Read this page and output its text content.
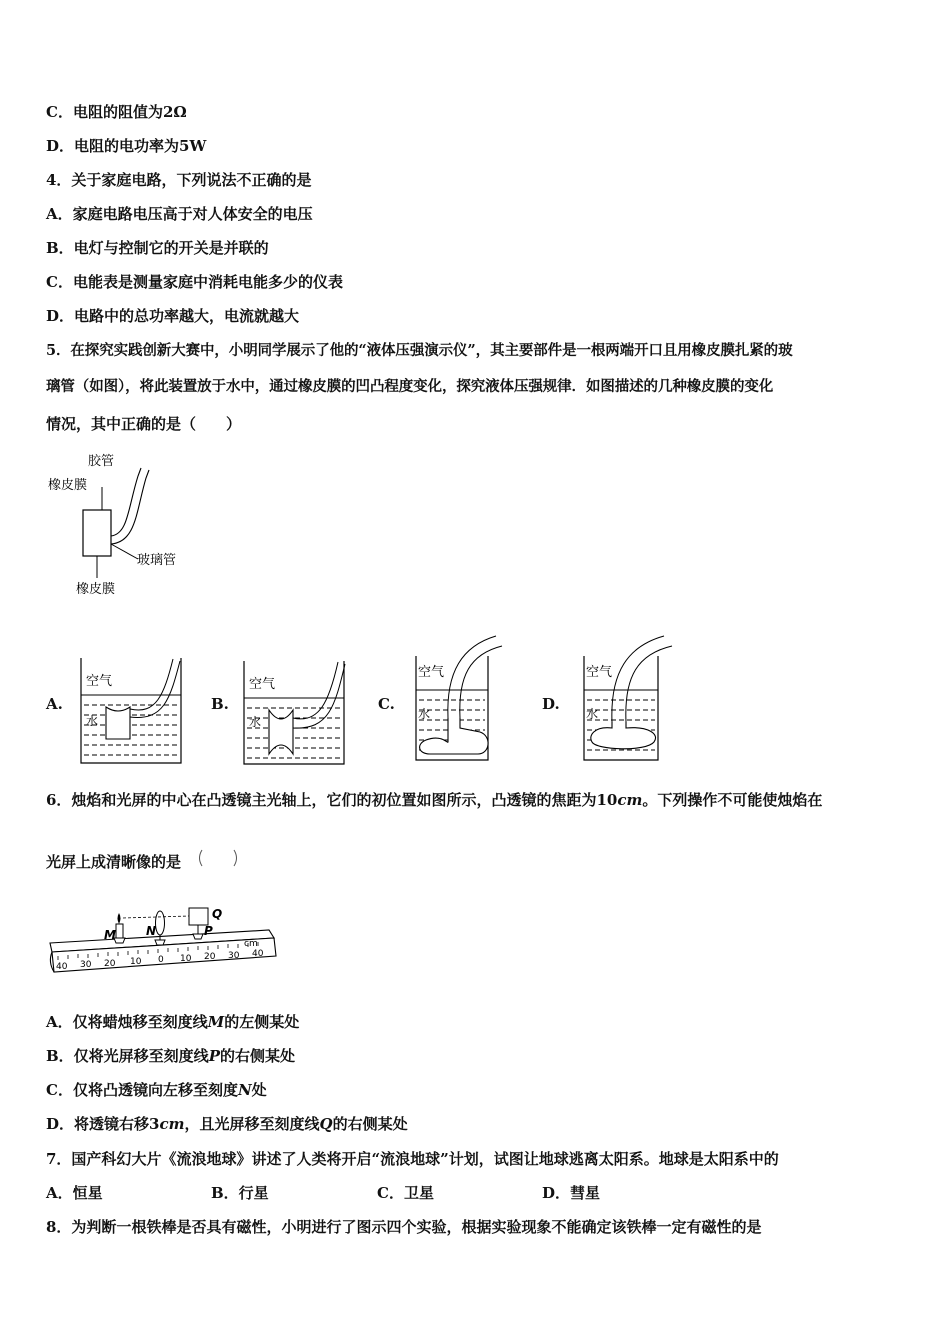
C．电阻的阻值为2Ω
D．电阻的电功率为5W
4．关于家庭电路，下列说法不正确的是
A．家庭电路电压高于对人体安全的电压
B．电灯与控制它的开关是并联的
C．电能表是测量家庭中消耗电能多少的仪表
D．电路中的总功率越大，电流就越大
5．在探究实践创新大赛中，小明同学展示了他的“液体压强演示仪”，其主要部件是一根两端开口且用橡皮膜扎紧的玻
璃管（如图），将此装置放于水中，通过橡皮膜的凹凸程度变化，探究液体压强规律．如图描述的几种橡皮膜的变化
情况，其中正确的是（　　）
胶管
橡皮膜
玻璃管
橡皮膜
A.	B.	C.	D.
空气
水
空气
水
空气
水
空气
水
6．烛焰和光屏的中心在凸透镜主光轴上，它们的初位置如图所示，凸透镜的焦距为10cm。下列操作不可能使烛焰在
光屏上成清晰像的是
40 30 20 10 0 10 20 30 40
cm
M	N	P
Q
A．仅将蜡烛移至刻度线M的左侧某处
B．仅将光屏移至刻度线P的右侧某处
C．仅将凸透镜向左移至刻度N处
D．将透镜右移3cm，且光屏移至刻度线Q的右侧某处
7．国产科幻大片《流浪地球》讲述了人类将开启“流浪地球”计划，试图让地球逃离太阳系。地球是太阳系中的
A．恒星	B．行星	C．卫星	D．彗星
8．为判断一根铁棒是否具有磁性，小明进行了图示四个实验，根据实验现象不能确定该铁棒一定有磁性的是
